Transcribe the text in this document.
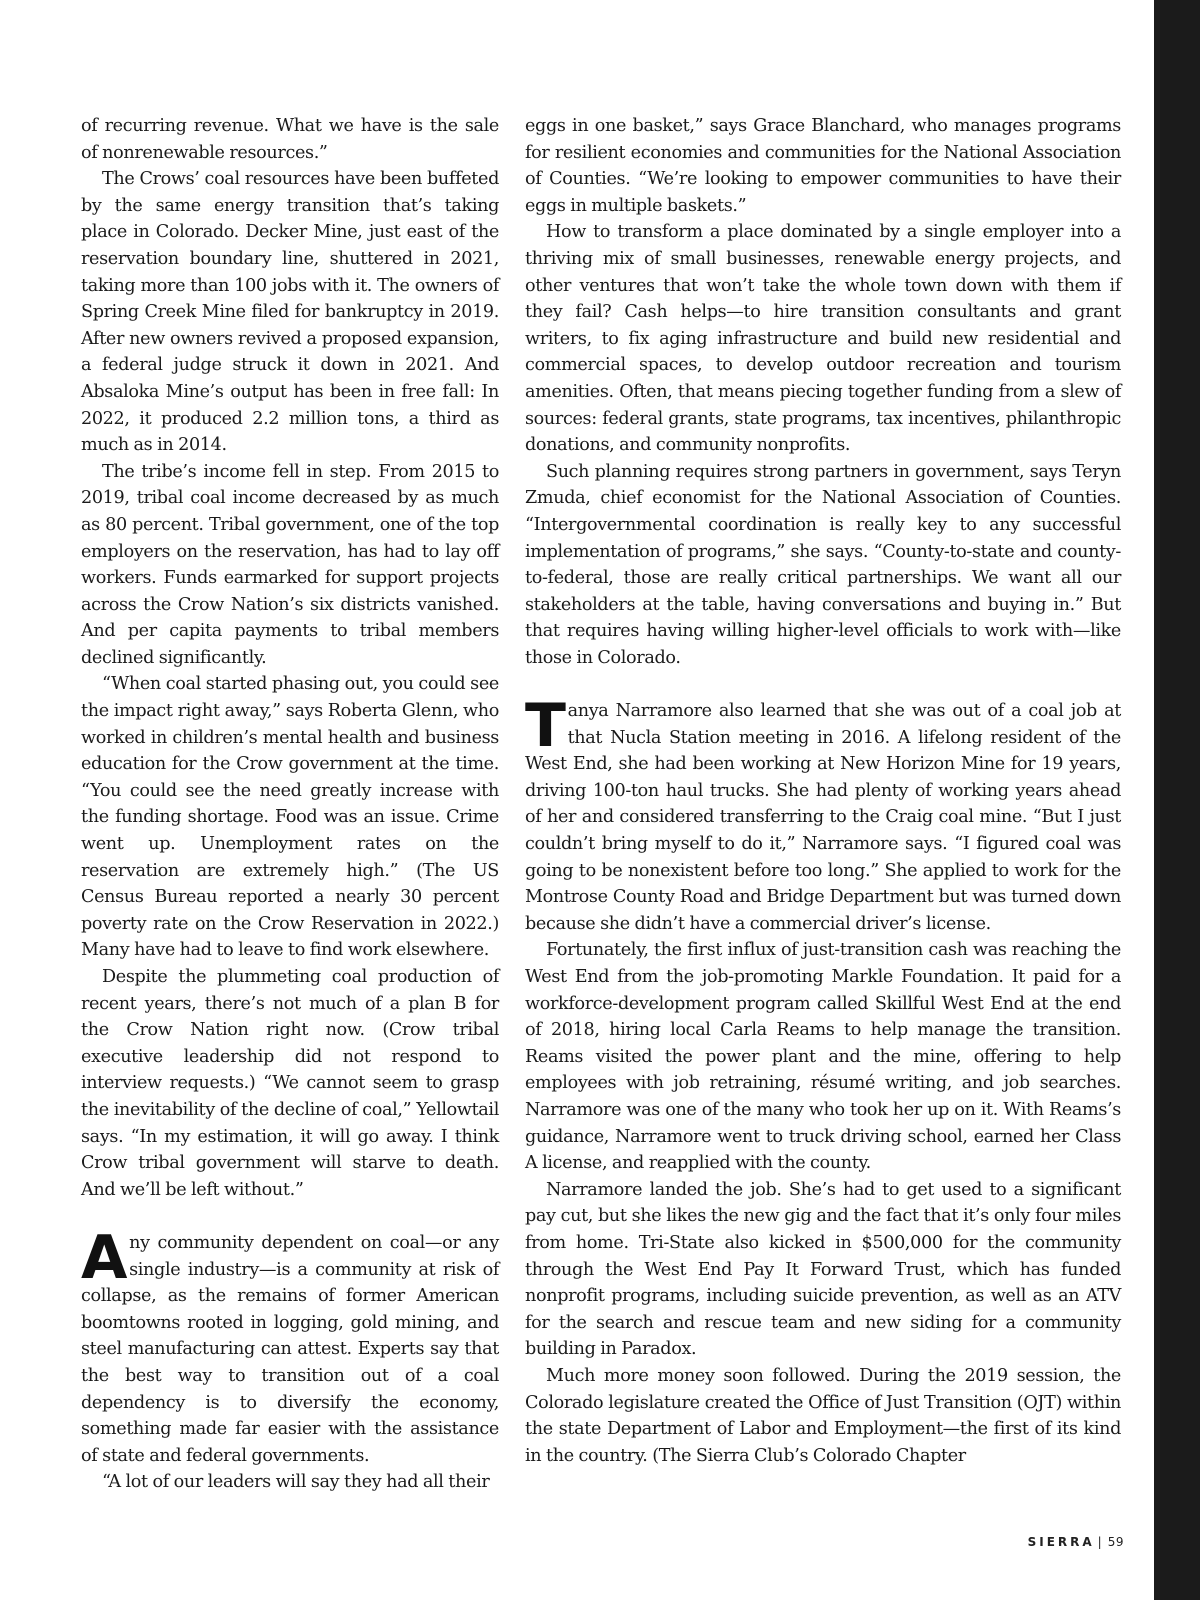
of recurring revenue. What we have is the sale of nonrenewable resources.”

The Crows’ coal resources have been buffeted by the same energy transition that’s taking place in Colorado. Decker Mine, just east of the reservation boundary line, shuttered in 2021, taking more than 100 jobs with it. The owners of Spring Creek Mine filed for bankruptcy in 2019. After new owners revived a proposed expansion, a federal judge struck it down in 2021. And Absaloka Mine’s output has been in free fall: In 2022, it produced 2.2 million tons, a third as much as in 2014.

The tribe’s income fell in step. From 2015 to 2019, tribal coal income decreased by as much as 80 percent. Tribal government, one of the top employers on the reservation, has had to lay off workers. Funds earmarked for support projects across the Crow Nation’s six districts vanished. And per capita payments to tribal members declined significantly.

“When coal started phasing out, you could see the impact right away,” says Roberta Glenn, who worked in children’s mental health and business education for the Crow government at the time. “You could see the need greatly increase with the funding shortage. Food was an issue. Crime went up. Unemployment rates on the reservation are extremely high.” (The US Census Bureau reported a nearly 30 percent poverty rate on the Crow Reservation in 2022.) Many have had to leave to find work elsewhere.

Despite the plummeting coal production of recent years, there’s not much of a plan B for the Crow Nation right now. (Crow tribal executive leadership did not respond to interview requests.) “We cannot seem to grasp the inevitability of the decline of coal,” Yellowtail says. “In my estimation, it will go away. I think Crow tribal government will starve to death. And we’ll be left without.”

Any community dependent on coal—or any single industry—is a community at risk of collapse, as the remains of former American boomtowns rooted in logging, gold mining, and steel manufacturing can attest. Experts say that the best way to transition out of a coal dependency is to diversify the economy, something made far easier with the assistance of state and federal governments.

“A lot of our leaders will say they had all their

eggs in one basket,” says Grace Blanchard, who manages programs for resilient economies and communities for the National Association of Counties. “We’re looking to empower communities to have their eggs in multiple baskets.”

How to transform a place dominated by a single employer into a thriving mix of small businesses, renewable energy projects, and other ventures that won’t take the whole town down with them if they fail? Cash helps—to hire transition consultants and grant writers, to fix aging infrastructure and build new residential and commercial spaces, to develop outdoor recreation and tourism amenities. Often, that means piecing together funding from a slew of sources: federal grants, state programs, tax incentives, philanthropic donations, and community nonprofits.

Such planning requires strong partners in government, says Teryn Zmuda, chief economist for the National Association of Counties. “Intergovernmental coordination is really key to any successful implementation of programs,” she says. “County-to-state and county-to-federal, those are really critical partnerships. We want all our stakeholders at the table, having conversations and buying in.” But that requires having willing higher-level officials to work with—like those in Colorado.

Tanya Narramore also learned that she was out of a coal job at that Nucla Station meeting in 2016. A lifelong resident of the West End, she had been working at New Horizon Mine for 19 years, driving 100-ton haul trucks. She had plenty of working years ahead of her and considered transferring to the Craig coal mine. “But I just couldn’t bring myself to do it,” Narramore says. “I figured coal was going to be nonexistent before too long.” She applied to work for the Montrose County Road and Bridge Department but was turned down because she didn’t have a commercial driver’s license.

Fortunately, the first influx of just-transition cash was reaching the West End from the job-promoting Markle Foundation. It paid for a workforce-development program called Skillful West End at the end of 2018, hiring local Carla Reams to help manage the transition. Reams visited the power plant and the mine, offering to help employees with job retraining, résumé writing, and job searches. Narramore was one of the many who took her up on it. With Reams’s guidance, Narramore went to truck driving school, earned her Class A license, and reapplied with the county.

Narramore landed the job. She’s had to get used to a significant pay cut, but she likes the new gig and the fact that it’s only four miles from home. Tri-State also kicked in $500,000 for the community through the West End Pay It Forward Trust, which has funded nonprofit programs, including suicide prevention, as well as an ATV for the search and rescue team and new siding for a community building in Paradox.

Much more money soon followed. During the 2019 session, the Colorado legislature created the Office of Just Transition (OJT) within the state Department of Labor and Employment—the first of its kind in the country. (The Sierra Club’s Colorado Chapter

SIERRA | 59
